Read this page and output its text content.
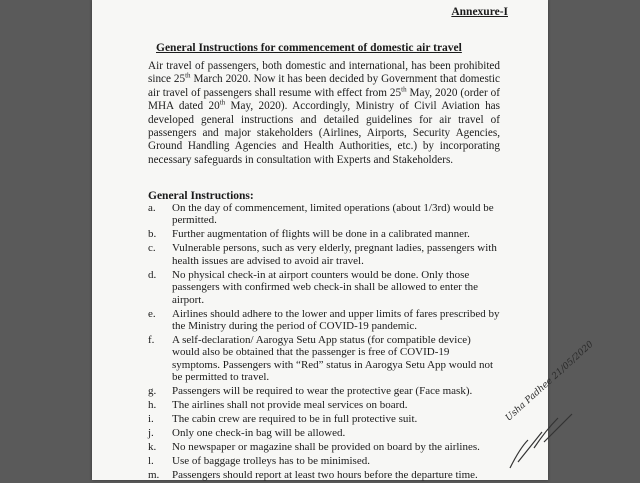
Annexure-I
General Instructions for commencement of domestic air travel
Air travel of passengers, both domestic and international, has been prohibited since 25th March 2020. Now it has been decided by Government that domestic air travel of passengers shall resume with effect from 25th May, 2020 (order of MHA dated 20th May, 2020). Accordingly, Ministry of Civil Aviation has developed general instructions and detailed guidelines for air travel of passengers and major stakeholders (Airlines, Airports, Security Agencies, Ground Handling Agencies and Health Authorities, etc.) by incorporating necessary safeguards in consultation with Experts and Stakeholders.
General Instructions:
a.	On the day of commencement, limited operations (about 1/3rd) would be permitted.
b.	Further augmentation of flights will be done in a calibrated manner.
c.	Vulnerable persons, such as very elderly, pregnant ladies, passengers with health issues are advised to avoid air travel.
d.	No physical check-in at airport counters would be done. Only those passengers with confirmed web check-in shall be allowed to enter the airport.
e.	Airlines should adhere to the lower and upper limits of fares prescribed by the Ministry during the period of COVID-19 pandemic.
f.	A self-declaration/ Aarogya Setu App status (for compatible device) would also be obtained that the passenger is free of COVID-19 symptoms. Passengers with “Red” status in Aarogya Setu App would not be permitted to travel.
g.	Passengers will be required to wear the protective gear (Face mask).
h.	The airlines shall not provide meal services on board.
i.	The cabin crew are required to be in full protective suit.
j.	Only one check-in bag will be allowed.
k.	No newspaper or magazine shall be provided on board by the airlines.
l.	Use of baggage trolleys has to be minimised.
m.	Passengers should report at least two hours before the departure time.
Usha Padhee 21/05/2020
